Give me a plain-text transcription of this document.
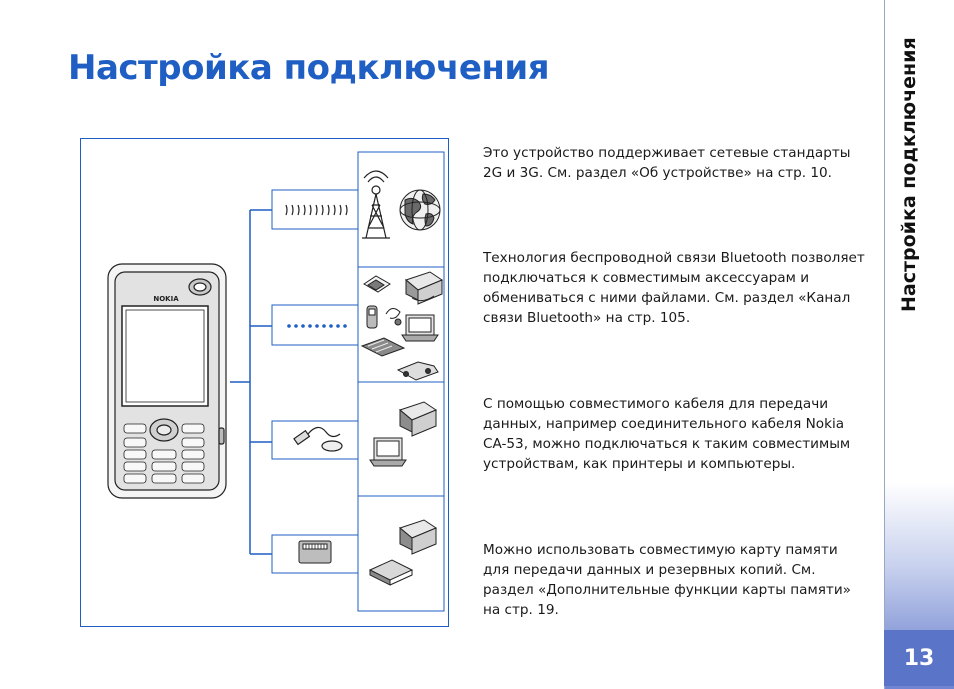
Настройка подключения	Настройка подключения
13
NOKIA
Это устройство поддерживает сетевые стандарты 2G и 3G. См. раздел «Об устройстве» на стр. 10.
Технология беспроводной связи Bluetooth позволяет подключаться к совместимым аксессуарам и обмениваться с ними файлами. См. раздел «Канал связи Bluetooth» на стр. 105.
С помощью совместимого кабеля для передачи данных, например соединительного кабеля Nokia CA-53, можно подключаться к таким совместимым устройствам, как принтеры и компьютеры.
Можно использовать совместимую карту памяти для передачи данных и резервных копий. См. раздел «Дополнительные функции карты памяти» на стр. 19.
